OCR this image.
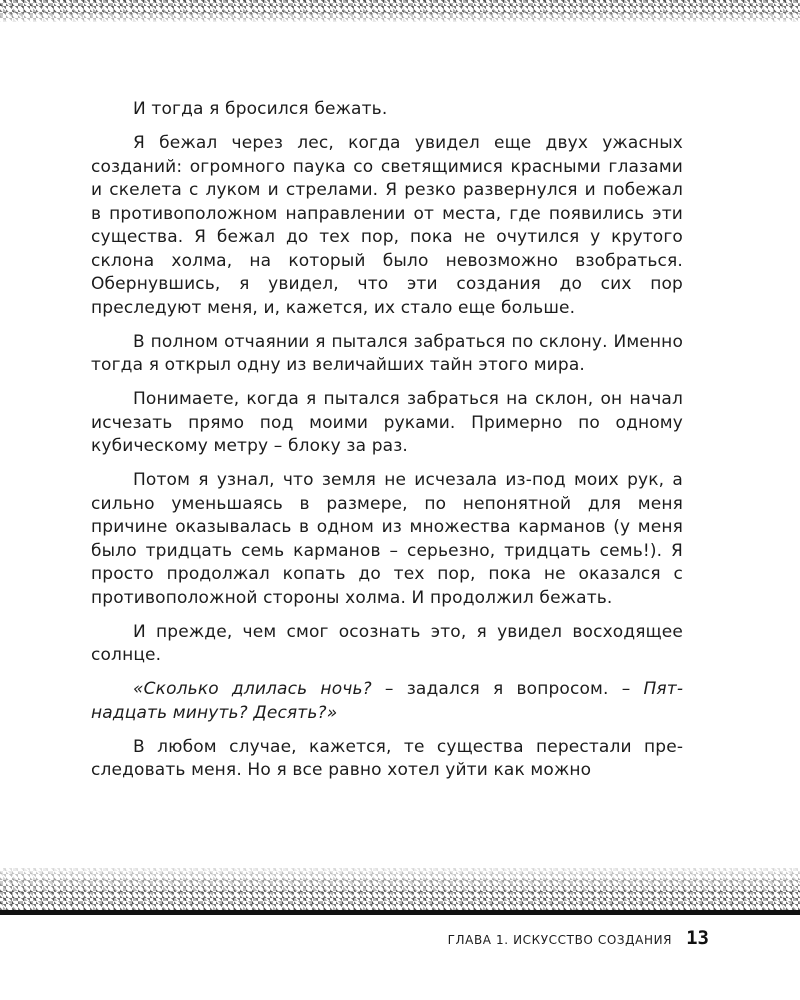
И тогда я бросился бежать.

Я бежал через лес, когда увидел еще двух ужасных созданий: огромного паука со светящимися красными глазами и скелета с луком и стрелами. Я резко развернулся и побежал в противоположном направлении от места, где появились эти существа. Я бежал до тех пор, пока не очутился у крутого склона холма, на который было невозможно взобраться. Обернувшись, я увидел, что эти создания до сих пор преследуют меня, и, кажется, их стало еще больше.

В полном отчаянии я пытался забраться по склону. Именно тогда я открыл одну из величайших тайн этого мира.

Понимаете, когда я пытался забраться на склон, он начал исчезать прямо под моими руками. Примерно по одному кубическому метру – блоку за раз.

Потом я узнал, что земля не исчезала из-под моих рук, а сильно уменьшаясь в размере, по непонятной для меня причине оказывалась в одном из множества карманов (у меня было тридцать семь карманов – серьезно, тридцать семь!). Я просто продолжал копать до тех пор, пока не оказался с противоположной стороны холма. И продолжил бежать.

И прежде, чем смог осознать это, я увидел восходящее солнце.

«Сколько длилась ночь? – задался я вопросом. – Пятнадцать минуть? Десять?»

В любом случае, кажется, те существа перестали преследовать меня. Но я все равно хотел уйти как можно

ГЛАВА 1. ИСКУССТВО СОЗДАНИЯ 13
